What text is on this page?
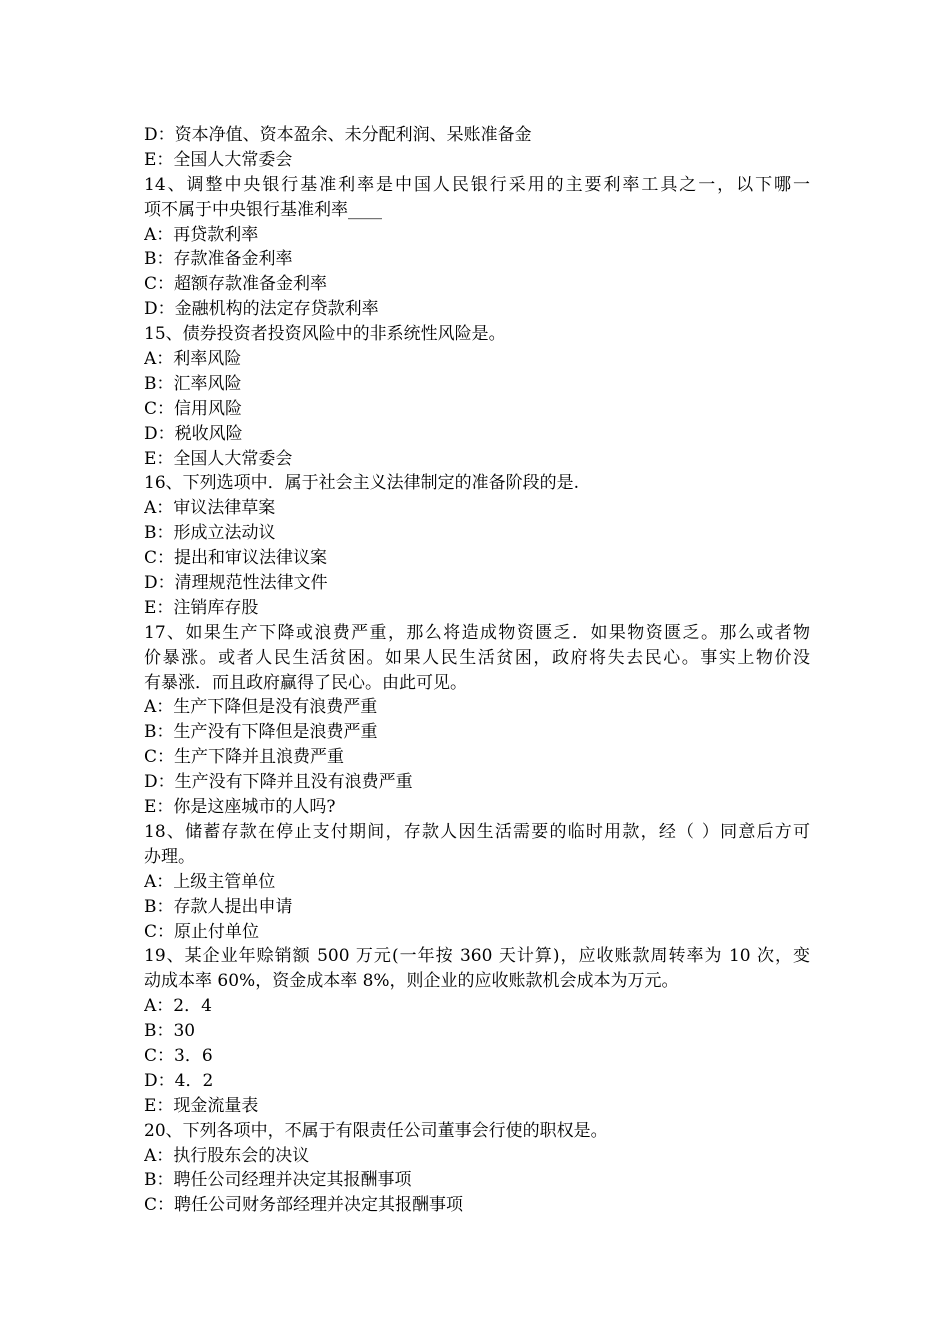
D：资本净值、资本盈余、未分配利润、呆账准备金
E：全国人大常委会
14、调整中央银行基准利率是中国人民银行采用的主要利率工具之一，以下哪一
项不属于中央银行基准利率____
A：再贷款利率
B：存款准备金利率
C：超额存款准备金利率
D：金融机构的法定存贷款利率
15、债券投资者投资风险中的非系统性风险是。
A：利率风险
B：汇率风险
C：信用风险
D：税收风险
E：全国人大常委会
16、下列选项中．属于社会主义法律制定的准备阶段的是.
A：审议法律草案
B：形成立法动议
C：提出和审议法律议案
D：清理规范性法律文件
E：注销库存股
17、如果生产下降或浪费严重，那么将造成物资匮乏．如果物资匮乏。那么或者物
价暴涨。或者人民生活贫困。如果人民生活贫困，政府将失去民心。事实上物价没
有暴涨．而且政府赢得了民心。由此可见。
A：生产下降但是没有浪费严重
B：生产没有下降但是浪费严重
C：生产下降并且浪费严重
D：生产没有下降并且没有浪费严重
E：你是这座城市的人吗?
18、储蓄存款在停止支付期间，存款人因生活需要的临时用款，经（ ）同意后方可
办理。
A：上级主管单位
B：存款人提出申请
C：原止付单位
19、某企业年赊销额 500 万元(一年按 360 天计算)，应收账款周转率为 10 次，变
动成本率 60%，资金成本率 8%，则企业的应收账款机会成本为万元。
A：2．4
B：30
C：3．6
D：4．2
E：现金流量表
20、下列各项中，不属于有限责任公司董事会行使的职权是。
A：执行股东会的决议
B：聘任公司经理并决定其报酬事项
C：聘任公司财务部经理并决定其报酬事项
